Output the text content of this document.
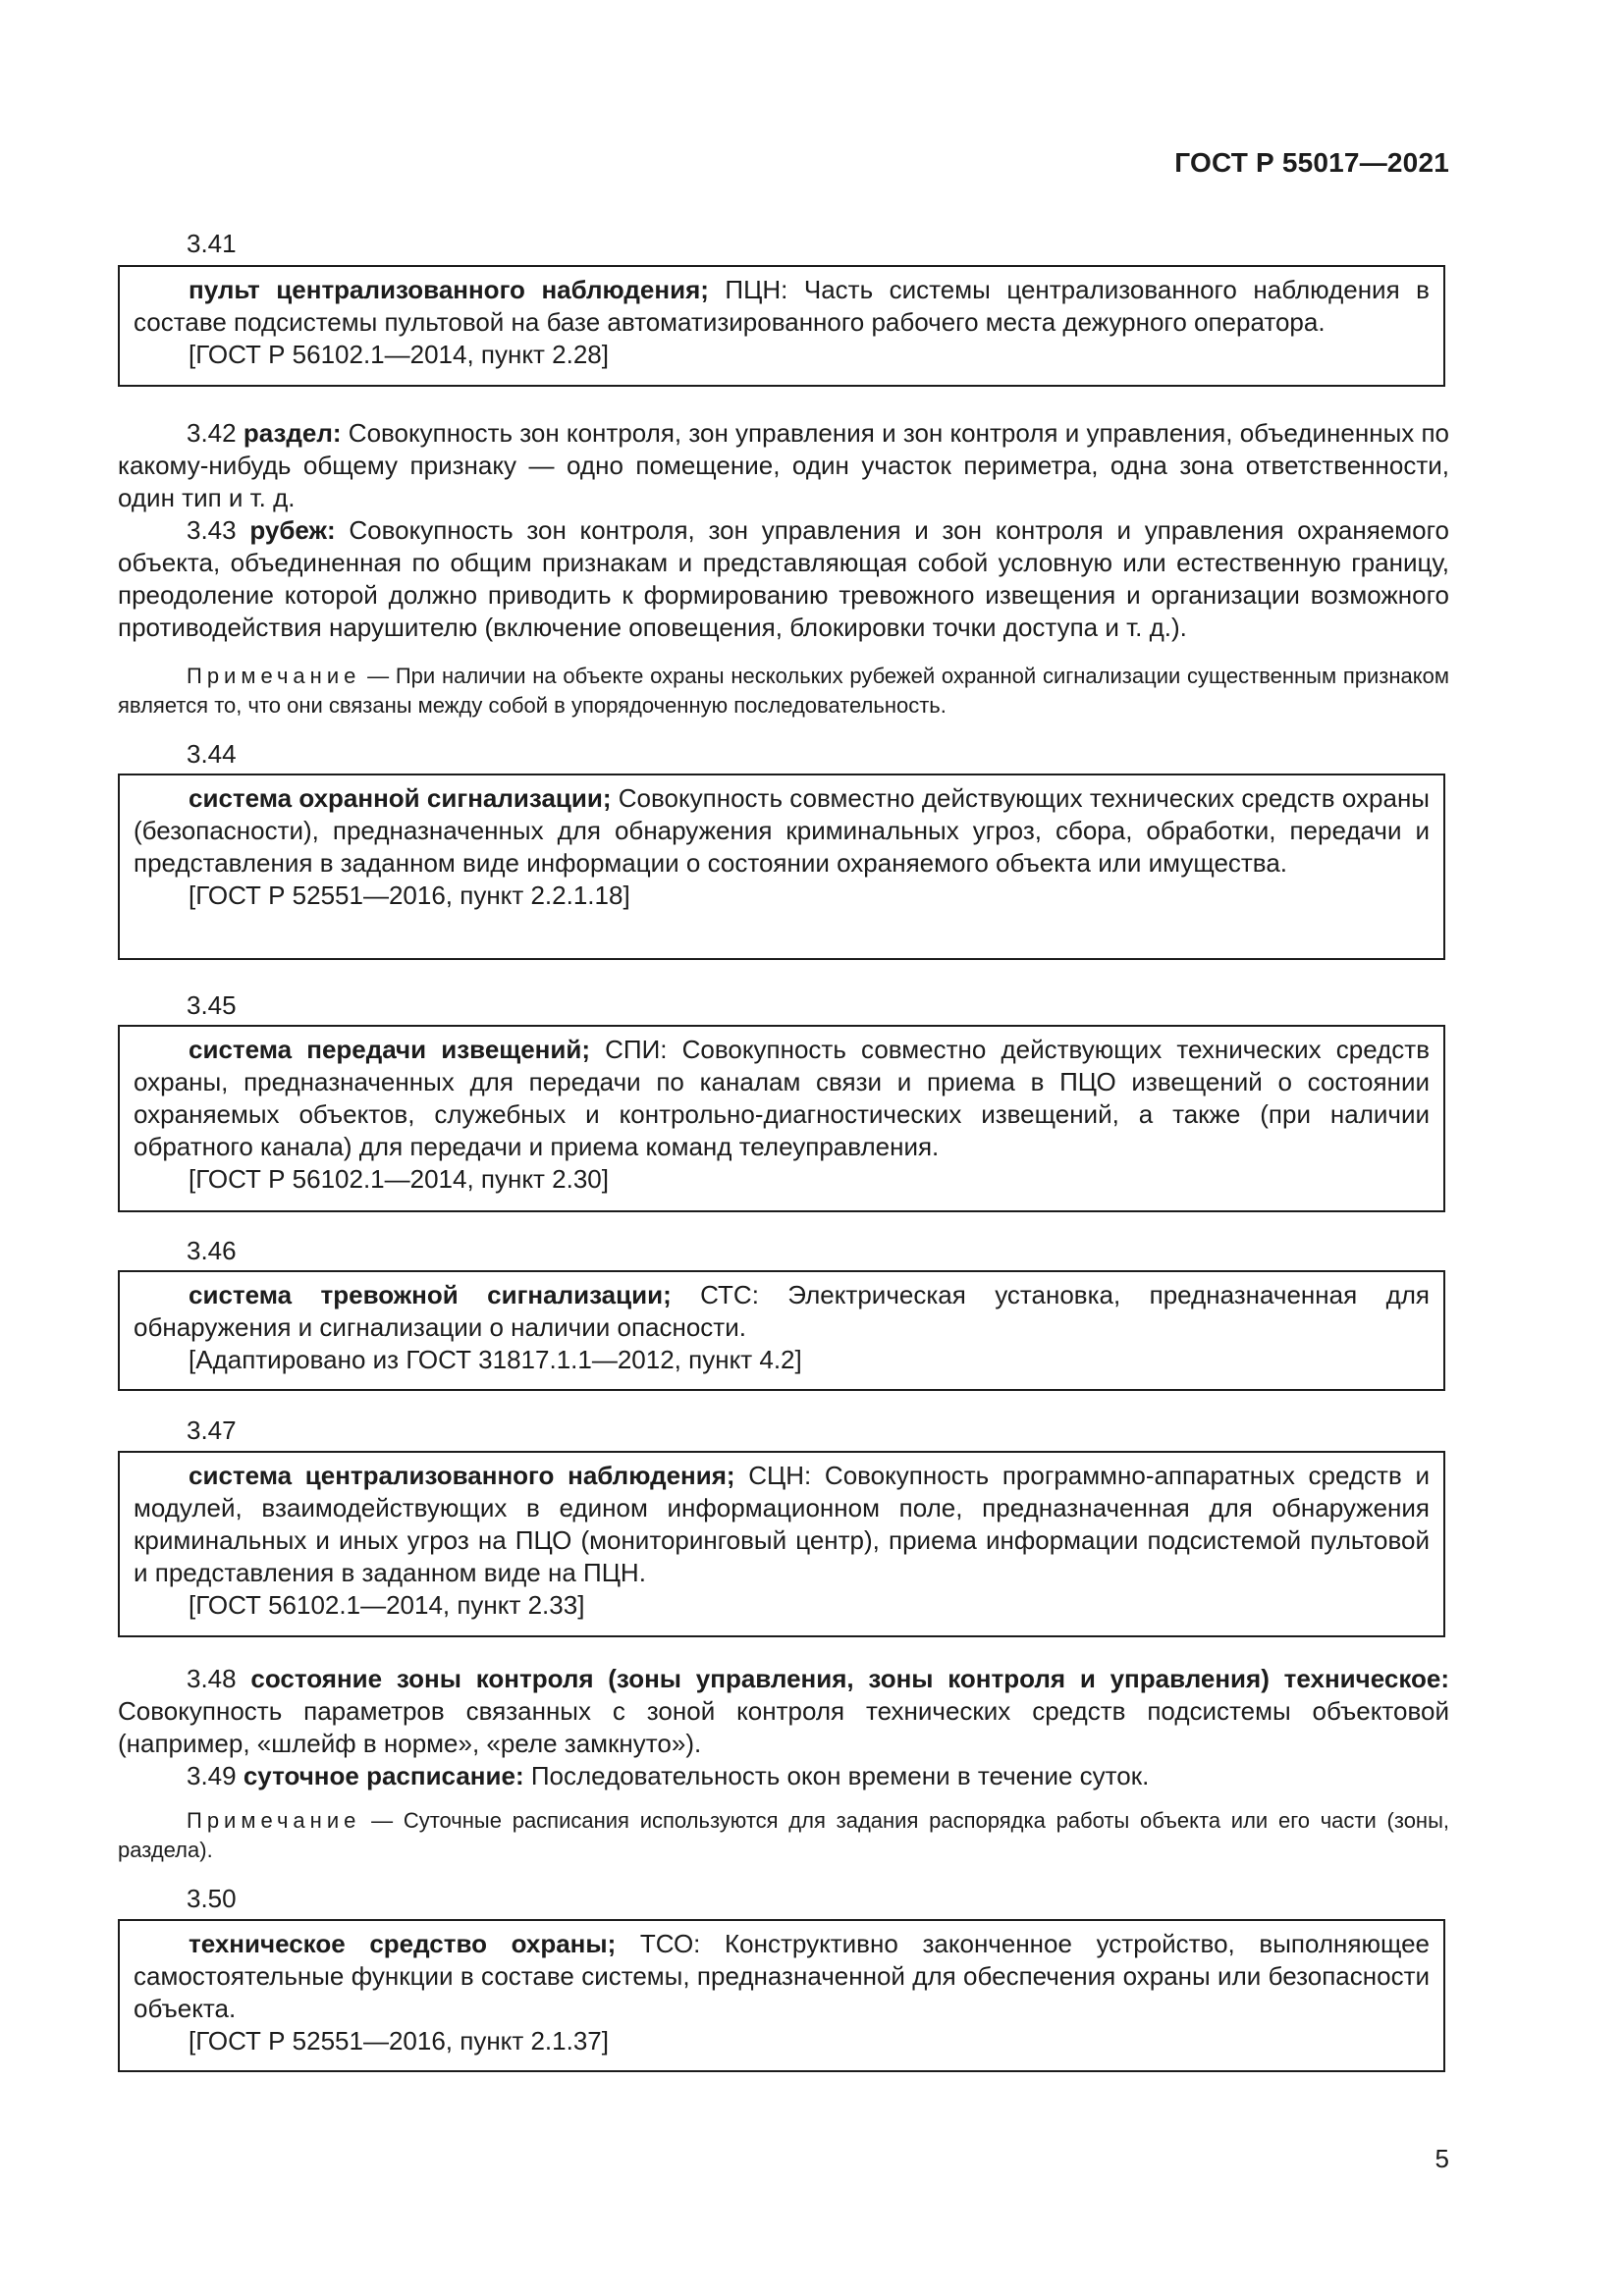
ГОСТ Р 55017—2021
3.41

пульт централизованного наблюдения; ПЦН: Часть системы централизованного наблюдения в составе подсистемы пультовой на базе автоматизированного рабочего места дежурного оператора.

[ГОСТ Р 56102.1—2014, пункт 2.28]

3.42 раздел: Совокупность зон контроля, зон управления и зон контроля и управления, объединенных по какому-нибудь общему признаку — одно помещение, один участок периметра, одна зона ответственности, один тип и т. д.

3.43 рубеж: Совокупность зон контроля, зон управления и зон контроля и управления охраняемого объекта, объединенная по общим признакам и представляющая собой условную или естественную границу, преодоление которой должно приводить к формированию тревожного извещения и организации возможного противодействия нарушителю (включение оповещения, блокировки точки доступа и т. д.).

Примечание — При наличии на объекте охраны нескольких рубежей охранной сигнализации существенным признаком является то, что они связаны между собой в упорядоченную последовательность.

3.44

система охранной сигнализации; Совокупность совместно действующих технических средств охраны (безопасности), предназначенных для обнаружения криминальных угроз, сбора, обработки, передачи и представления в заданном виде информации о состоянии охраняемого объекта или имущества.

[ГОСТ Р 52551—2016, пункт 2.2.1.18]

3.45

система передачи извещений; СПИ: Совокупность совместно действующих технических средств охраны, предназначенных для передачи по каналам связи и приема в ПЦО извещений о состоянии охраняемых объектов, служебных и контрольно-диагностических извещений, а также (при наличии обратного канала) для передачи и приема команд телеуправления.

[ГОСТ Р 56102.1—2014, пункт 2.30]

3.46

система тревожной сигнализации; СТС: Электрическая установка, предназначенная для обнаружения и сигнализации о наличии опасности.

[Адаптировано из ГОСТ 31817.1.1—2012, пункт 4.2]

3.47

система централизованного наблюдения; СЦН: Совокупность программно-аппаратных средств и модулей, взаимодействующих в едином информационном поле, предназначенная для обнаружения криминальных и иных угроз на ПЦО (мониторинговый центр), приема информации подсистемой пультовой и представления в заданном виде на ПЦН.

[ГОСТ 56102.1—2014, пункт 2.33]

3.48 состояние зоны контроля (зоны управления, зоны контроля и управления) техническое: Совокупность параметров связанных с зоной контроля технических средств подсистемы объектовой (например, «шлейф в норме», «реле замкнуто»).

3.49 суточное расписание: Последовательность окон времени в течение суток.

Примечание — Суточные расписания используются для задания распорядка работы объекта или его части (зоны, раздела).

3.50

техническое средство охраны; ТСО: Конструктивно законченное устройство, выполняющее самостоятельные функции в составе системы, предназначенной для обеспечения охраны или безопасности объекта.

[ГОСТ Р 52551—2016, пункт 2.1.37]

5
